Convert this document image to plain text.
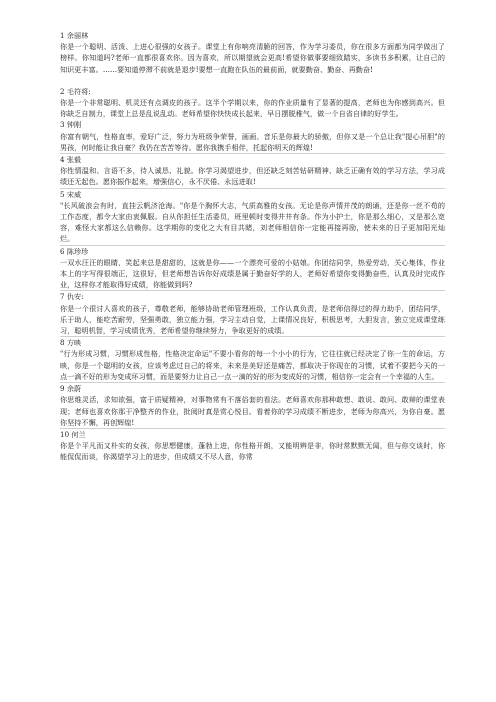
1 余丽林
你是一个聪明、活泼、上进心很强的女孩子。课堂上有你响亮清脆的回答，作为学习委员，你在很多方面都为同学做出了榜样。你知道吗?老师一直都很喜欢你。因为喜欢，所以期望就会更高!希望你做事要细致踏实，多读书多积累，让自己的知识更丰富。……要知道停滞不前就是退步!要想一直跑在队伍的最前面，就要勤奋、勤奋、再勤奋!
2 毛符将:
你是一个非常聪明、机灵还有点调皮的孩子。这半个学期以来，你的作业质量有了显著的提高，老师也为你感到高兴。但你缺乏自制力，课堂上总是乱说乱动。老师希望你快快成长起来，早日摆脱稚气，做一个自省自律的好学生。
3 钟刚
你富有朝气，性格直率，爱好广泛，努力为班级争荣誉，画画、音乐是你最大的骄傲，但你又是一个总让我"提心吊胆"的男孩，何时能让我自豪？我仍在苦苦等待。愿你我携手相伴，托起你明天的辉煌!
4 张毅
你性情温和、言语不多，待人诚恳、礼貌。你学习渴望进步，但还缺乏刻苦钻研精神、缺乏正确有效的学习方法，学习成绩还无起色。愿你振作起来，增强信心，永不厌倦、永远进取!
5 宋威
"长风破浪会有时，直挂云帆济沧海。"你是个胸怀大志，气质高雅的女孩。无论是你声情并茂的朗诵，还是你一丝不苟的工作态度，都令大家由衷佩服。自从你担任生活委员，班里顿时变得井井有条。作为小护士，你是那么细心，又是那么宽容，难怪大家都这么信赖你。这学期你的变化之大有目共睹，刘老师相信你一定能再接再励，使未来的日子更加阳光灿烂。
6 陈珍珍
一双水汪汪的眼睛，笑起来总是甜甜的，这就是你——一个漂亮可爱的小姑娘。你团结同学，热爱劳动，关心集体，作业本上的字写得很端正，这很好，但老师想告诉你好成绩是属于勤奋好学的人，老师好希望你变得勤奋些，认真及时完成作业，这样你才能取得好成绩，你能做到吗?
7 仇安:
你是一个很讨人喜欢的孩子，尊敬老师，能够协助老师管理班级，工作认真负责，是老师信得过的得力助手，团结同学，乐于助人，能吃苦耐劳，坚强勇敢，独立能力强，学习主动自觉，上课情况良好，积极思考，大胆发言，独立完成课堂练习，聪明机智，学习成绩优秀，老师希望你继续努力，争取更好的成绩。
8 方映
"行为形成习惯，习惯形成性格，性格决定命运"不要小看你的每一个小小的行为，它往往就已经决定了你一生的命运，方映，你是一个聪明的女孩，应该考虑过自己的将来，未来是美好还是痛苦，都取决于你现在的习惯，试着不要把今天的一点一滴不好的形为变成坏习惯，而是要努力让自己一点一滴的好的形为变成好的习惯，相信你一定会有一个幸福的人生。
9 余蔚
你思维灵活，求知欲强，富于质疑精神，对事物常有不落俗套的看法。老师喜欢你那种敢想、敢说、敢问、敢辩的课堂表现；老师也喜欢你那干净整齐的作业，批阅时真是赏心悦目。看着你的学习成绩不断进步，老师为你高兴，为你自豪。愿你坚持不懈，再创辉煌!
10 何兰
你是个平凡而又朴实的女孩，你思想健康，蓬勃上进，你性格开朗，又能明辨是非，你时常默默无闻，但与你交谈时，你能侃侃而谈，你渴望学习上的进步，但成绩又不尽人意，你常
